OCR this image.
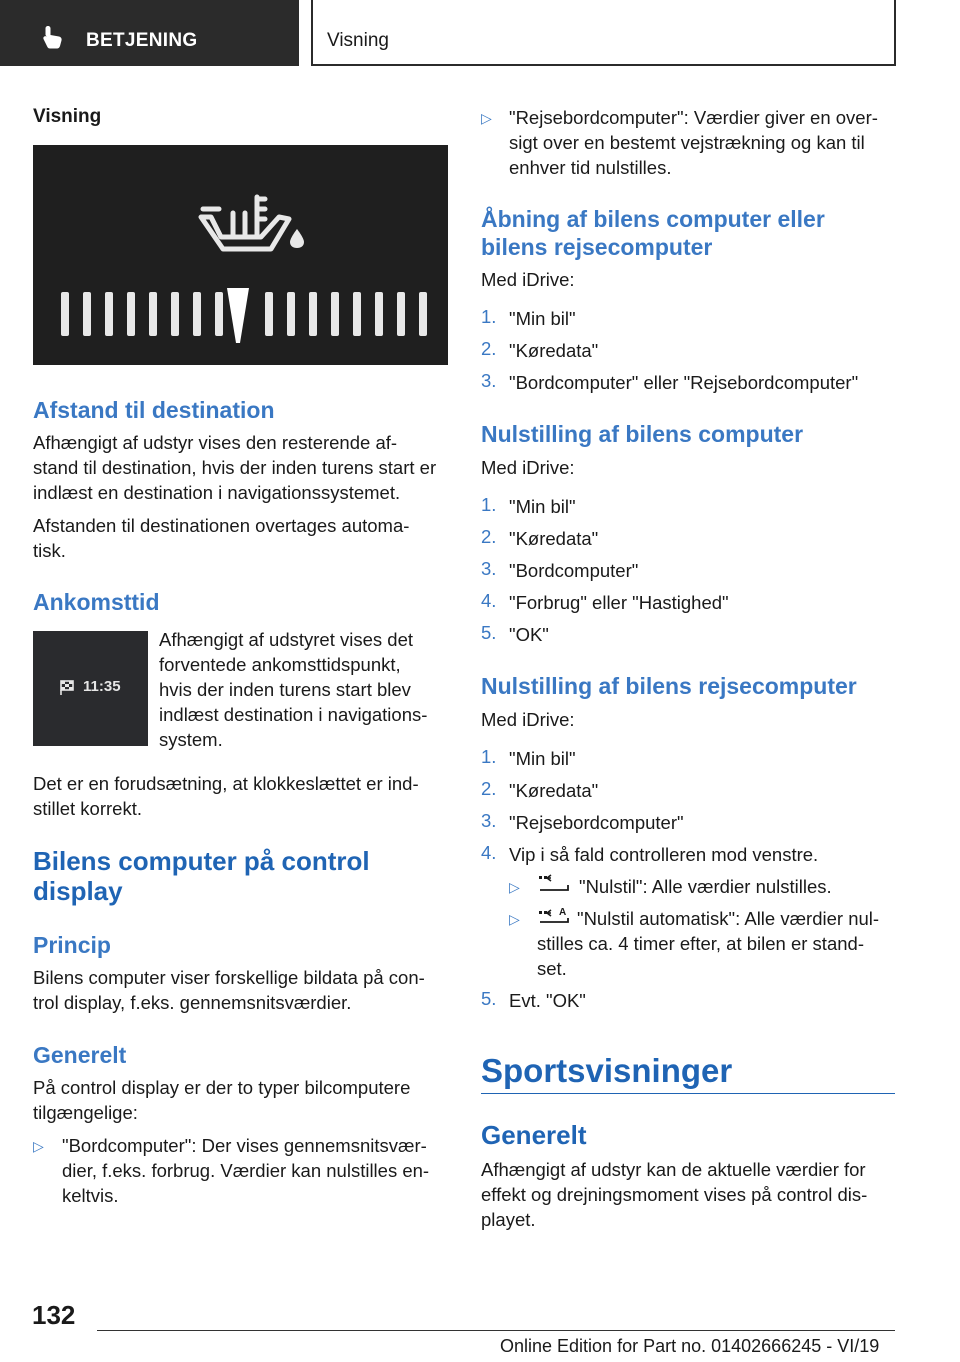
BETJENING	Visning
Visning
Afstand til destination
Afhængigt af udstyr vises den resterende af-
stand til destination, hvis der inden turens start er
indlæst en destination i navigationssystemet.
Afstanden til destinationen overtages automa-
tisk.
Ankomsttid
11:35
Afhængigt af udstyret vises det
forventede ankomsttidspunkt,
hvis der inden turens start blev
indlæst destination i navigations-
system.
Det er en forudsætning, at klokkeslættet er ind-
stillet korrekt.
Bilens computer på control
display
Princip
Bilens computer viser forskellige bildata på con-
trol display, f.eks. gennemsnitsværdier.
Generelt
På control display er der to typer bilcomputere
tilgængelige:
▷ "Bordcomputer": Der vises gennemsnitsvær-
dier, f.eks. forbrug. Værdier kan nulstilles en-
keltvis.
▷ "Rejsebordcomputer": Værdier giver en over-
sigt over en bestemt vejstrækning og kan til
enhver tid nulstilles.
Åbning af bilens computer eller
bilens rejsecomputer
Med iDrive:
1. "Min bil"
2. "Køredata"
3. "Bordcomputer" eller "Rejsebordcomputer"
Nulstilling af bilens computer
Med iDrive:
1. "Min bil"
2. "Køredata"
3. "Bordcomputer"
4. "Forbrug" eller "Hastighed"
5. "OK"
Nulstilling af bilens rejsecomputer
Med iDrive:
1. "Min bil"
2. "Køredata"
3. "Rejsebordcomputer"
4. Vip i så fald controlleren mod venstre.
▷	"Nulstil": Alle værdier nulstilles.
▷	A "Nulstil automatisk": Alle værdier nul-
stilles ca. 4 timer efter, at bilen er stand-
set.
5. Evt. "OK"
Sportsvisninger
Generelt
Afhængigt af udstyr kan de aktuelle værdier for
effekt og drejningsmoment vises på control dis-
playet.
132
Online Edition for Part no. 01402666245 - VI/19
